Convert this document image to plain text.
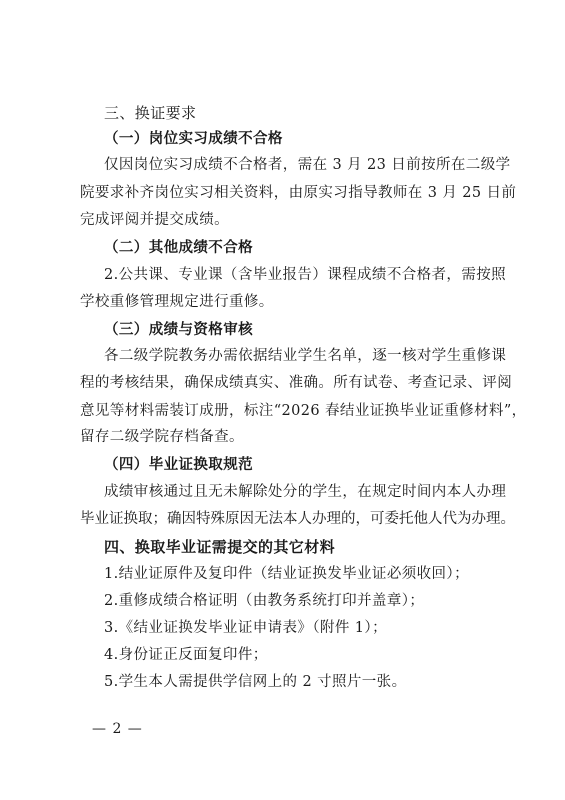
三、换证要求
（一）岗位实习成绩不合格
仅因岗位实习成绩不合格者，需在 3 月 23 日前按所在二级学
院要求补齐岗位实习相关资料，由原实习指导教师在 3 月 25 日前
完成评阅并提交成绩。
（二）其他成绩不合格
2.公共课、专业课（含毕业报告）课程成绩不合格者，需按照
学校重修管理规定进行重修。
（三）成绩与资格审核
各二级学院教务办需依据结业学生名单，逐一核对学生重修课
程的考核结果，确保成绩真实、准确。所有试卷、考查记录、评阅
意见等材料需装订成册，标注“2026 春结业证换毕业证重修材料”，
留存二级学院存档备查。
（四）毕业证换取规范
成绩审核通过且无未解除处分的学生，在规定时间内本人办理
毕业证换取；确因特殊原因无法本人办理的，可委托他人代为办理。
四、换取毕业证需提交的其它材料
1.结业证原件及复印件（结业证换发毕业证必须收回）；
2.重修成绩合格证明（由教务系统打印并盖章）；
3.《结业证换发毕业证申请表》（附件 1）；
4.身份证正反面复印件；
5.学生本人需提供学信网上的 2 寸照片一张。
— 2 —
